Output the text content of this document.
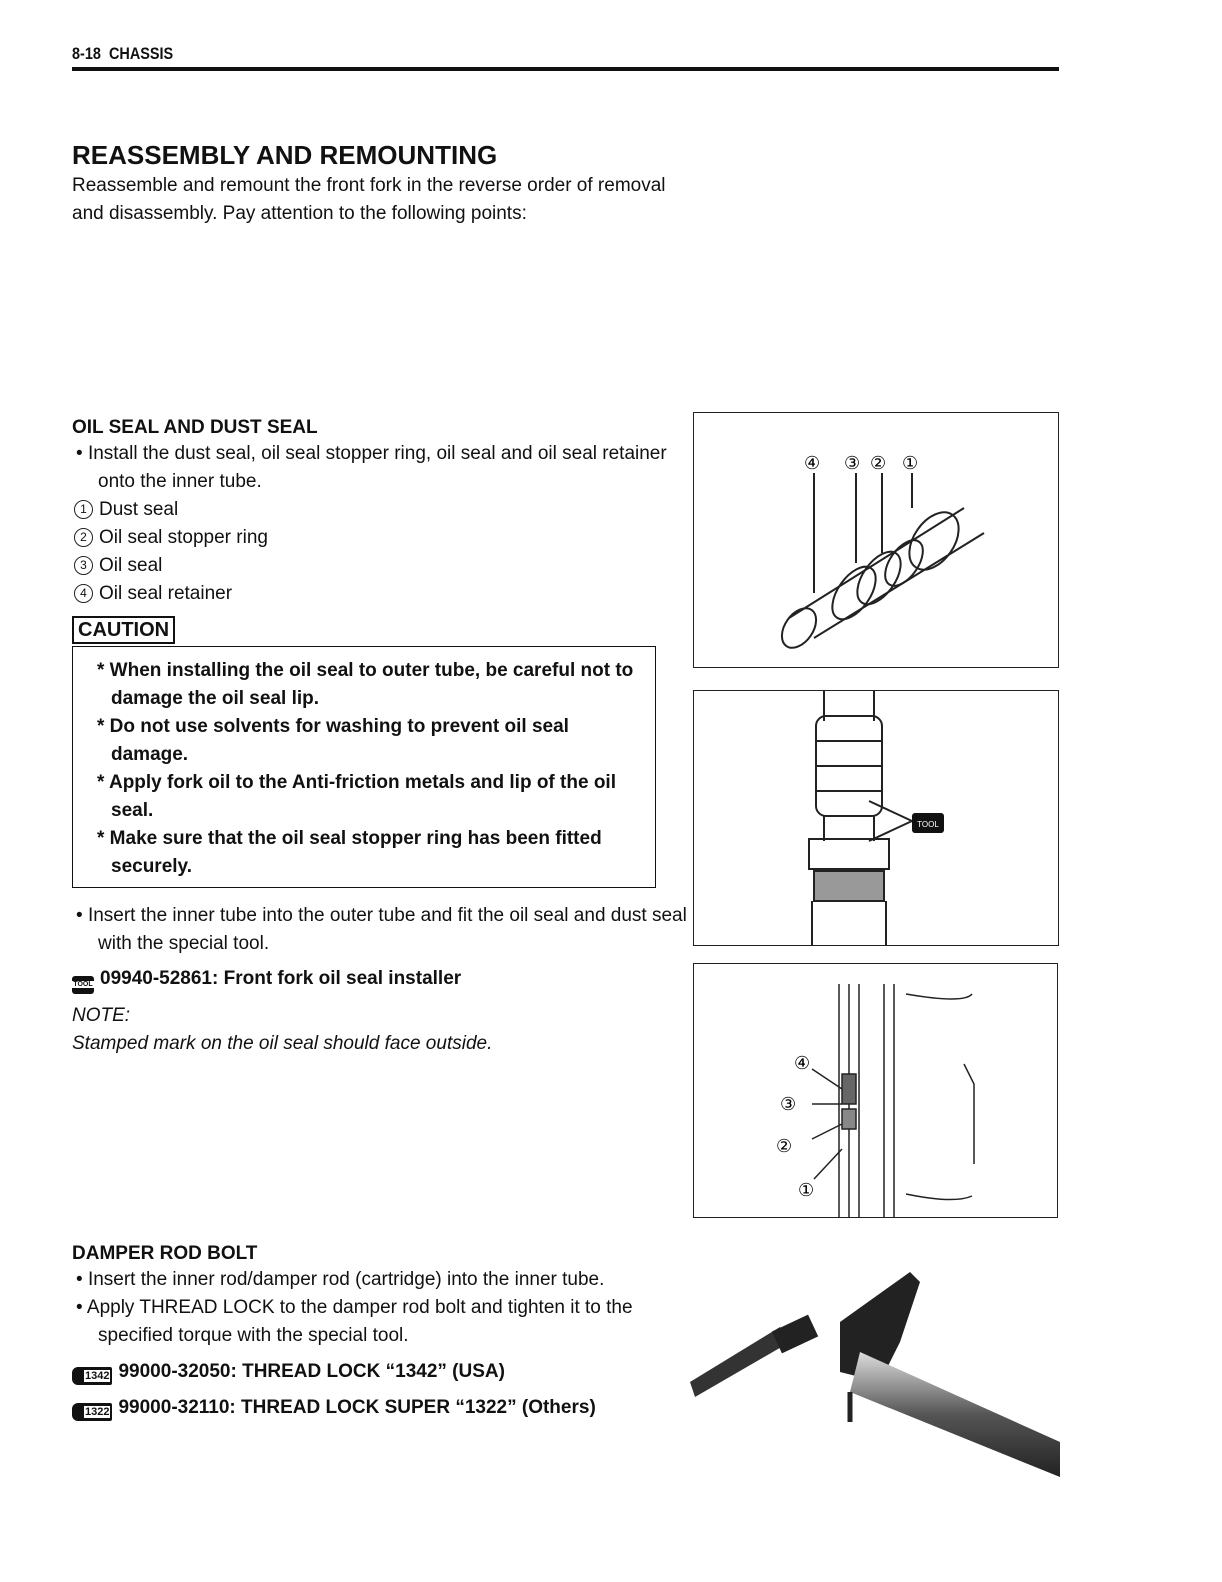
8-18 CHASSIS
REASSEMBLY AND REMOUNTING
Reassemble and remount the front fork in the reverse order of removal and disassembly. Pay attention to the following points:
OIL SEAL AND DUST SEAL
• Install the dust seal, oil seal stopper ring, oil seal and oil seal retainer onto the inner tube.
1 Dust seal
2 Oil seal stopper ring
3 Oil seal
4 Oil seal retainer
CAUTION
* When installing the oil seal to outer tube, be careful not to damage the oil seal lip.
* Do not use solvents for washing to prevent oil seal damage.
* Apply fork oil to the Anti-friction metals and lip of the oil seal.
* Make sure that the oil seal stopper ring has been fitted securely.
• Insert the inner tube into the outer tube and fit the oil seal and dust seal with the special tool.
TOOL 09940-52861: Front fork oil seal installer
NOTE:
Stamped mark on the oil seal should face outside.
DAMPER ROD BOLT
• Insert the inner rod/damper rod (cartridge) into the inner tube.
• Apply THREAD LOCK to the damper rod bolt and tighten it to the specified torque with the special tool.
1342 99000-32050: THREAD LOCK “1342” (USA)
1322 99000-32110: THREAD LOCK SUPER “1322” (Others)
④ ③ ② ①
TOOL
④
③
②
①
